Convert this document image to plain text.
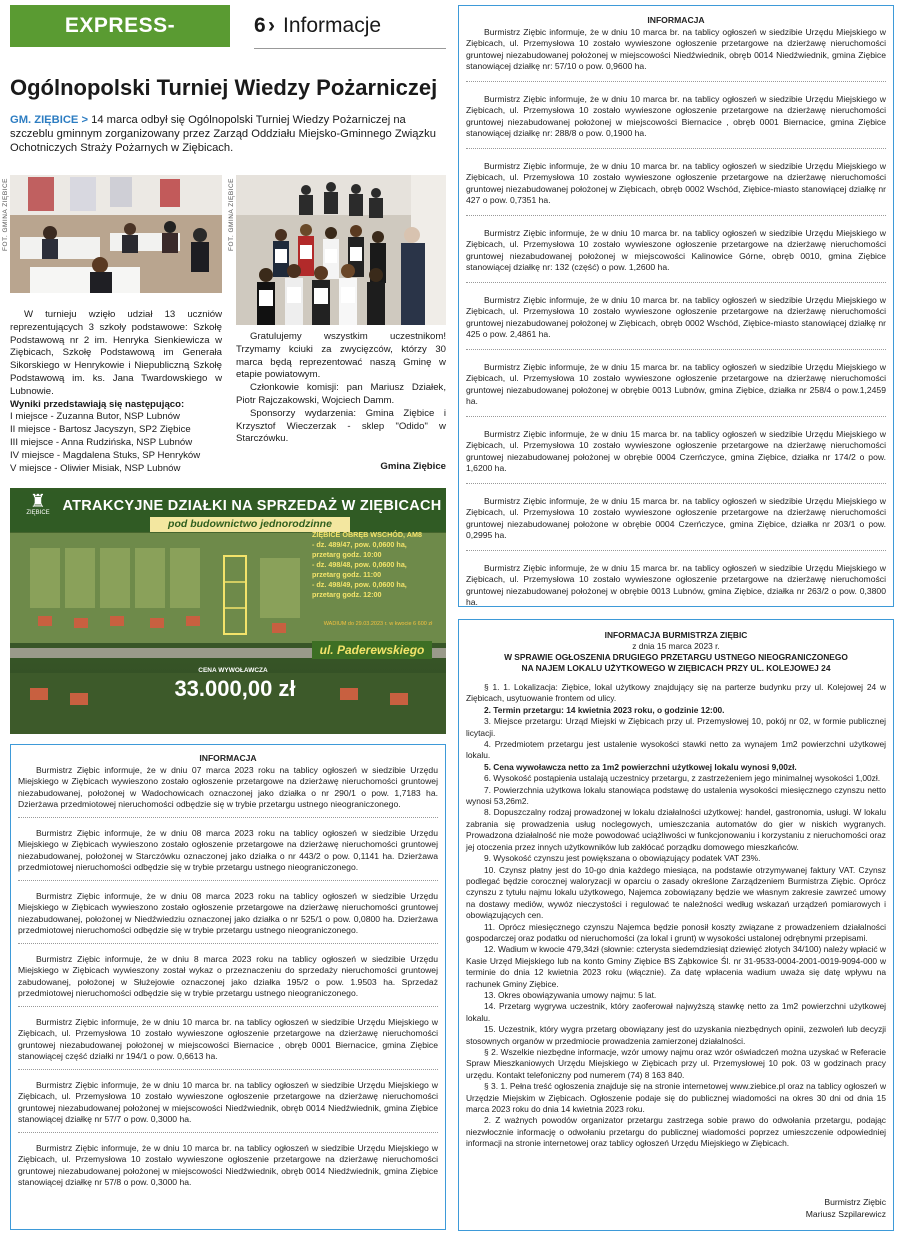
EXPRESS-MIEJSKI.PL
6 › Informacje
Ogólnopolski Turniej Wiedzy Pożarniczej
GM. ZIĘBICE > 14 marca odbył się Ogólnopolski Turniej Wiedzy Pożarniczej na szczeblu gminnym zorganizowany przez Zarząd Oddziału Miejsko-Gminnego Związku Ochotniczych Straży Pożarnych w Ziębicach.
FOT. GMINA ZIĘBICE	FOT. GMINA ZIĘBICE

W turnieju wzięło udział 13 uczniów reprezentujących 3 szkoły podstawowe: Szkołę Podstawową nr 2 im. Henryka Sienkiewicza w Ziębicach, Szkołę Podstawową im Generała Sikorskiego w Henrykowie i Niepubliczną Szkołę Podstawową im. ks. Jana Twardowskiego w Lubnowie.

Wyniki przedstawiają się następująco:

I miejsce - Zuzanna Butor, NSP Lubnów

II miejsce - Bartosz Jacyszyn, SP2 Ziębice

III miejsce - Anna Rudzińska, NSP Lubnów

IV miejsce - Magdalena Stuks, SP Henryków

V miejsce - Oliwier Misiak, NSP Lubnów

Gratulujemy wszystkim uczestnikom! Trzymamy kciuki za zwycięzców, którzy 30 marca będą reprezentować naszą Gminę w etapie powiatowym.

Członkowie komisji: pan Mariusz Działek, Piotr Rajczakowski, Wojciech Damm.

Sponsorzy wydarzenia: Gmina Ziębice i Krzysztof Wieczerzak - sklep "Odido" w Starczówku.

Gmina Ziębice
♜
ZIĘBICE ATRAKCYJNE DZIAŁKI NA SPRZEDAŻ W ZIĘBICACH
pod budownictwo jednorodzinne
ZIĘBICE OBRĘB WSCHÓD, AM8
- dz. 489/47, pow. 0,0600 ha,
przetarg godz. 10:00
- dz. 498/48, pow. 0,0600 ha,
przetarg godz. 11:00
- dz. 498/49, pow. 0,0600 ha,
przetarg godz. 12:00
WADIUM do 29.03.2023 r. w kwocie 6 600 zł
ul. Paderewskiego
CENA WYWOŁAWCZA
33.000,00 zł
INFORMACJA

Burmistrz Ziębic informuje, że w dniu 07 marca 2023 roku na tablicy ogłoszeń w siedzibie Urzędu Miejskiego w Ziębicach wywieszono zostało ogłoszenie przetargowe na dzierżawę nieruchomości gruntowej niezabudowanej, położonej w Wadochowicach oznaczonej jako działka o nr 290/1 o pow. 1,7183 ha. Dzierżawa przedmiotowej nieruchomości odbędzie się w trybie przetargu ustnego nieograniczonego.

Burmistrz Ziębic informuje, że w dniu 08 marca 2023 roku na tablicy ogłoszeń w siedzibie Urzędu Miejskiego w Ziębicach wywieszono zostało ogłoszenie przetargowe na dzierżawę nieruchomości gruntowej niezabudowanej, położonej w Starczówku oznaczonej jako działka o nr 443/2 o pow. 0,1141 ha. Dzierżawa przedmiotowej nieruchomości odbędzie się w trybie przetargu ustnego nieograniczonego.

Burmistrz Ziębic informuje, że w dniu 08 marca 2023 roku na tablicy ogłoszeń w siedzibie Urzędu Miejskiego w Ziębicach wywieszono zostało ogłoszenie przetargowe na dzierżawę nieruchomości gruntowej niezabudowanej, położonej w Niedźwiedziu oznaczonej jako działka o nr 525/1 o pow. 0,0800 ha. Dzierżawa przedmiotowej nieruchomości odbędzie się w trybie przetargu ustnego nieograniczonego.

Burmistrz Ziębic informuje, że w dniu 8 marca 2023 roku na tablicy ogłoszeń w siedzibie Urzędu Miejskiego w Ziębicach wywieszony został wykaz o przeznaczeniu do sprzedaży nieruchomości gruntowej zabudowanej, położonej w Służejowie oznaczonej jako działka 195/2 o pow. 1.9503 ha. Sprzedaż przedmiotowej nieruchomości odbędzie się w trybie przetargu ustnego nieograniczonego.

Burmistrz Ziębic informuje, że w dniu 10 marca br. na tablicy ogłoszeń w siedzibie Urzędu Miejskiego w Ziębicach, ul. Przemysłowa 10 zostało wywieszone ogłoszenie przetargowe na dzierżawę nieruchomości gruntowej niezabudowanej położonej w miejscowości Biernacice , obręb 0001 Biernacice, gmina Ziębice stanowiącej część działki nr 194/1 o pow. 0,6613 ha.

Burmistrz Ziębic informuje, że w dniu 10 marca br. na tablicy ogłoszeń w siedzibie Urzędu Miejskiego w Ziębicach, ul. Przemysłowa 10 zostało wywieszone ogłoszenie przetargowe na dzierżawę nieruchomości gruntowej niezabudowanej położonej w miejscowości Niedźwiednik, obręb 0014 Niedźwiednik, gmina Ziębice stanowiącej działkę nr 57/7 o pow. 0,3000 ha.

Burmistrz Ziębic informuje, że w dniu 10 marca br. na tablicy ogłoszeń w siedzibie Urzędu Miejskiego w Ziębicach, ul. Przemysłowa 10 zostało wywieszone ogłoszenie przetargowe na dzierżawę nieruchomości gruntowej niezabudowanej położonej w miejscowości Niedźwiednik, obręb 0014 Niedźwiednik, gmina Ziębice stanowiącej działkę nr 57/8 o pow. 0,3000 ha.

INFORMACJA

Burmistrz Ziębic informuje, że w dniu 10 marca br. na tablicy ogłoszeń w siedzibie Urzędu Miejskiego w Ziębicach, ul. Przemysłowa 10 zostało wywieszone ogłoszenie przetargowe na dzierżawę nieruchomości gruntowej niezabudowanej położonej w miejscowości Niedźwiednik, obręb 0014 Niedźwiednik, gmina Ziębice stanowiącej działkę nr: 57/10 o pow. 0,9600 ha.

Burmistrz Ziębic informuje, że w dniu 10 marca br. na tablicy ogłoszeń w siedzibie Urzędu Miejskiego w Ziębicach, ul. Przemysłowa 10 zostało wywieszone ogłoszenie przetargowe na dzierżawę nieruchomości gruntowej niezabudowanej położonej w miejscowości Biernacice , obręb 0001 Biernacice, gmina Ziębice stanowiącej działkę nr: 288/8 o pow. 0,1900 ha.

Burmistrz Ziębic informuje, że w dniu 10 marca br. na tablicy ogłoszeń w siedzibie Urzędu Miejskiego w Ziębicach, ul. Przemysłowa 10 zostało wywieszone ogłoszenie przetargowe na dzierżawę nieruchomości gruntowej niezabudowanej położonej w Ziębicach, obręb 0002 Wschód, Ziębice-miasto stanowiącej działkę nr 427 o pow. 0,7351 ha.

Burmistrz Ziębic informuje, że w dniu 10 marca br. na tablicy ogłoszeń w siedzibie Urzędu Miejskiego w Ziębicach, ul. Przemysłowa 10 zostało wywieszone ogłoszenie przetargowe na dzierżawę nieruchomości gruntowej niezabudowanej położonej w miejscowości Kalinowice Górne, obręb 0010, gmina Ziębice stanowiącej działkę nr: 132 (część) o pow. 1,2600 ha.

Burmistrz Ziębic informuje, że w dniu 10 marca br. na tablicy ogłoszeń w siedzibie Urzędu Miejskiego w Ziębicach, ul. Przemysłowa 10 zostało wywieszone ogłoszenie przetargowe na dzierżawę nieruchomości gruntowej niezabudowanej położonej w Ziębicach, obręb 0002 Wschód, Ziębice-miasto stanowiącej działkę nr 425 o pow. 2,4861 ha.

Burmistrz Ziębic informuje, że w dniu 15 marca br. na tablicy ogłoszeń w siedzibie Urzędu Miejskiego w Ziębicach, ul. Przemysłowa 10 zostało wywieszone ogłoszenie przetargowe na dzierżawę nieruchomości gruntowej niezabudowanej położonej w obrębie 0013 Lubnów, gmina Ziębice, działka nr 258/4 o pow.1,2459 ha.

Burmistrz Ziębic informuje, że w dniu 15 marca br. na tablicy ogłoszeń w siedzibie Urzędu Miejskiego w Ziębicach, ul. Przemysłowa 10 zostało wywieszone ogłoszenie przetargowe na dzierżawę nieruchomości gruntowej niezabudowanej położonej w obrębie 0004 Czerńczyce, gmina Ziębice, działka nr 174/2 o pow. 1,6200 ha.

Burmistrz Ziębic informuje, że w dniu 15 marca br. na tablicy ogłoszeń w siedzibie Urzędu Miejskiego w Ziębicach, ul. Przemysłowa 10 zostało wywieszone ogłoszenie przetargowe na dzierżawę nieruchomości gruntowej niezabudowanej położone w obrębie 0004 Czerńczyce, gmina Ziębice, działka nr 203/1 o pow. 0,2995 ha.

Burmistrz Ziębic informuje, że w dniu 15 marca br. na tablicy ogłoszeń w siedzibie Urzędu Miejskiego w Ziębicach, ul. Przemysłowa 10 zostało wywieszone ogłoszenie przetargowe na dzierżawę nieruchomości gruntowej niezabudowanej położonej w obrębie 0013 Lubnów, gmina Ziębice, działka nr 263/2 o pow. 0,3800 ha.

INFORMACJA BURMISTRZA ZIĘBIC
z dnia 15 marca 2023 r.
W SPRAWIE OGŁOSZENIA DRUGIEGO PRZETARGU USTNEGO NIEOGRANICZONEGO
NA NAJEM LOKALU UŻYTKOWEGO W ZIĘBICACH PRZY UL. KOLEJOWEJ 24

§ 1. 1. Lokalizacja: Ziębice, lokal użytkowy znajdujący się na parterze budynku przy ul. Kolejowej 24 w Ziębicach, usytuowanie frontem od ulicy.

2. Termin przetargu: 14 kwietnia 2023 roku, o godzinie 12:00.

3. Miejsce przetargu: Urząd Miejski w Ziębicach przy ul. Przemysłowej 10, pokój nr 02, w formie publicznej licytacji.

4. Przedmiotem przetargu jest ustalenie wysokości stawki netto za wynajem 1m2 powierzchni użytkowej lokalu.

5. Cena wywoławcza netto za 1m2 powierzchni użytkowej lokalu wynosi 9,00zł.

6. Wysokość postąpienia ustalają uczestnicy przetargu, z zastrzeżeniem jego minimalnej wysokości 1,00zł.

7. Powierzchnia użytkowa lokalu stanowiąca podstawę do ustalenia wysokości miesięcznego czynszu netto wynosi 53,26m2.

8. Dopuszczalny rodzaj prowadzonej w lokalu działalności użytkowej: handel, gastronomia, usługi. W lokalu zabrania się prowadzenia usług noclegowych, umieszczania automatów do gier w niskich wygranych. Prowadzona działalność nie może powodować uciążliwości w funkcjonowaniu i korzystaniu z nieruchomości oraz jej otoczenia przez innych użytkowników lub zakłócać porządku domowego mieszkańców.

9. Wysokość czynszu jest powiększana o obowiązujący podatek VAT 23%.

10. Czynsz płatny jest do 10-go dnia każdego miesiąca, na podstawie otrzymywanej faktury VAT. Czynsz podlegać będzie corocznej waloryzacji w oparciu o zasady określone Zarządzeniem Burmistrza Ziębic. Oprócz czynszu z tytułu najmu lokalu użytkowego, Najemca zobowiązany będzie we własnym zakresie zawrzeć umowy na dostawy mediów, wywóz nieczystości i regulować te należności według wskazań urządzeń pomiarowych i obowiązujących cen.

11. Oprócz miesięcznego czynszu Najemca będzie ponosił koszty związane z prowadzeniem działalności gospodarczej oraz podatku od nieruchomości (za lokal i grunt) w wysokości ustalonej odrębnymi przepisami.

12. Wadium w kwocie 479,34zł (słownie: czterysta siedemdziesiąt dziewięć złotych 34/100) należy wpłacić w Kasie Urzęd Miejskiego lub na konto Gminy Ziębice BS Ząbkowice Śl. nr 31-9533-0004-2001-0019-9094-000 w terminie do dnia 12 kwietnia 2023 roku (włącznie). Za datę wpłacenia wadium uważa się datę wpływu na rachunek Gminy Ziębice.

13. Okres obowiązywania umowy najmu: 5 lat.

14. Przetarg wygrywa uczestnik, który zaoferował najwyższą stawkę netto za 1m2 powierzchni użytkowej lokalu.

15. Uczestnik, który wygra przetarg obowiązany jest do uzyskania niezbędnych opinii, zezwoleń lub decyzji stosownych organów w przedmiocie prowadzenia zamierzonej działalności.

§ 2. Wszelkie niezbędne informacje, wzór umowy najmu oraz wzór oświadczeń można uzyskać w Referacie Spraw Mieszkaniowych Urzędu Miejskiego w Ziębicach przy ul. Przemysłowej 10 pok. 03 w godzinach pracy urzędu. Kontakt telefoniczny pod numerem (74) 8 163 840.

§ 3. 1. Pełna treść ogłoszenia znajduje się na stronie internetowej www.ziebice.pl oraz na tablicy ogłoszeń w Urzędzie Miejskim w Ziębicach. Ogłoszenie podaje się do publicznej wiadomości na okres 30 dni od dnia 15 marca 2023 roku do dnia 14 kwietnia 2023 roku.

2. Z ważnych powodów organizator przetargu zastrzega sobie prawo do odwołania przetargu, podając niezwłocznie informację o odwołaniu przetargu do publicznej wiadomości poprzez umieszczenie odpowiedniej informacji na stronie internetowej oraz tablicy ogłoszeń Urzędu Miejskiego w Ziębicach.

Burmistrz Ziębic
Mariusz Szpilarewicz
